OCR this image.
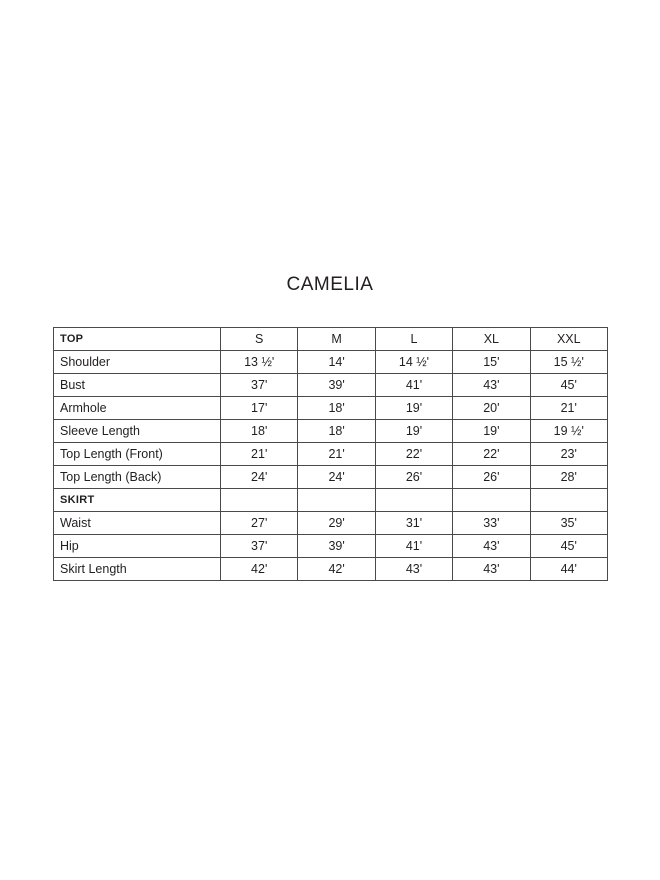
CAMELIA
TOP	S	M	L	XL	XXL
Shoulder	13 ½'	14'	14 ½'	15'	15 ½'
Bust	37'	39'	41'	43'	45'
Armhole	17'	18'	19'	20'	21'
Sleeve Length	18'	18'	19'	19'	19 ½'
Top Length (Front)	21'	21'	22'	22'	23'
Top Length (Back)	24'	24'	26'	26'	28'
SKIRT					
Waist	27'	29'	31'	33'	35'
Hip	37'	39'	41'	43'	45'
Skirt Length	42'	42'	43'	43'	44'
